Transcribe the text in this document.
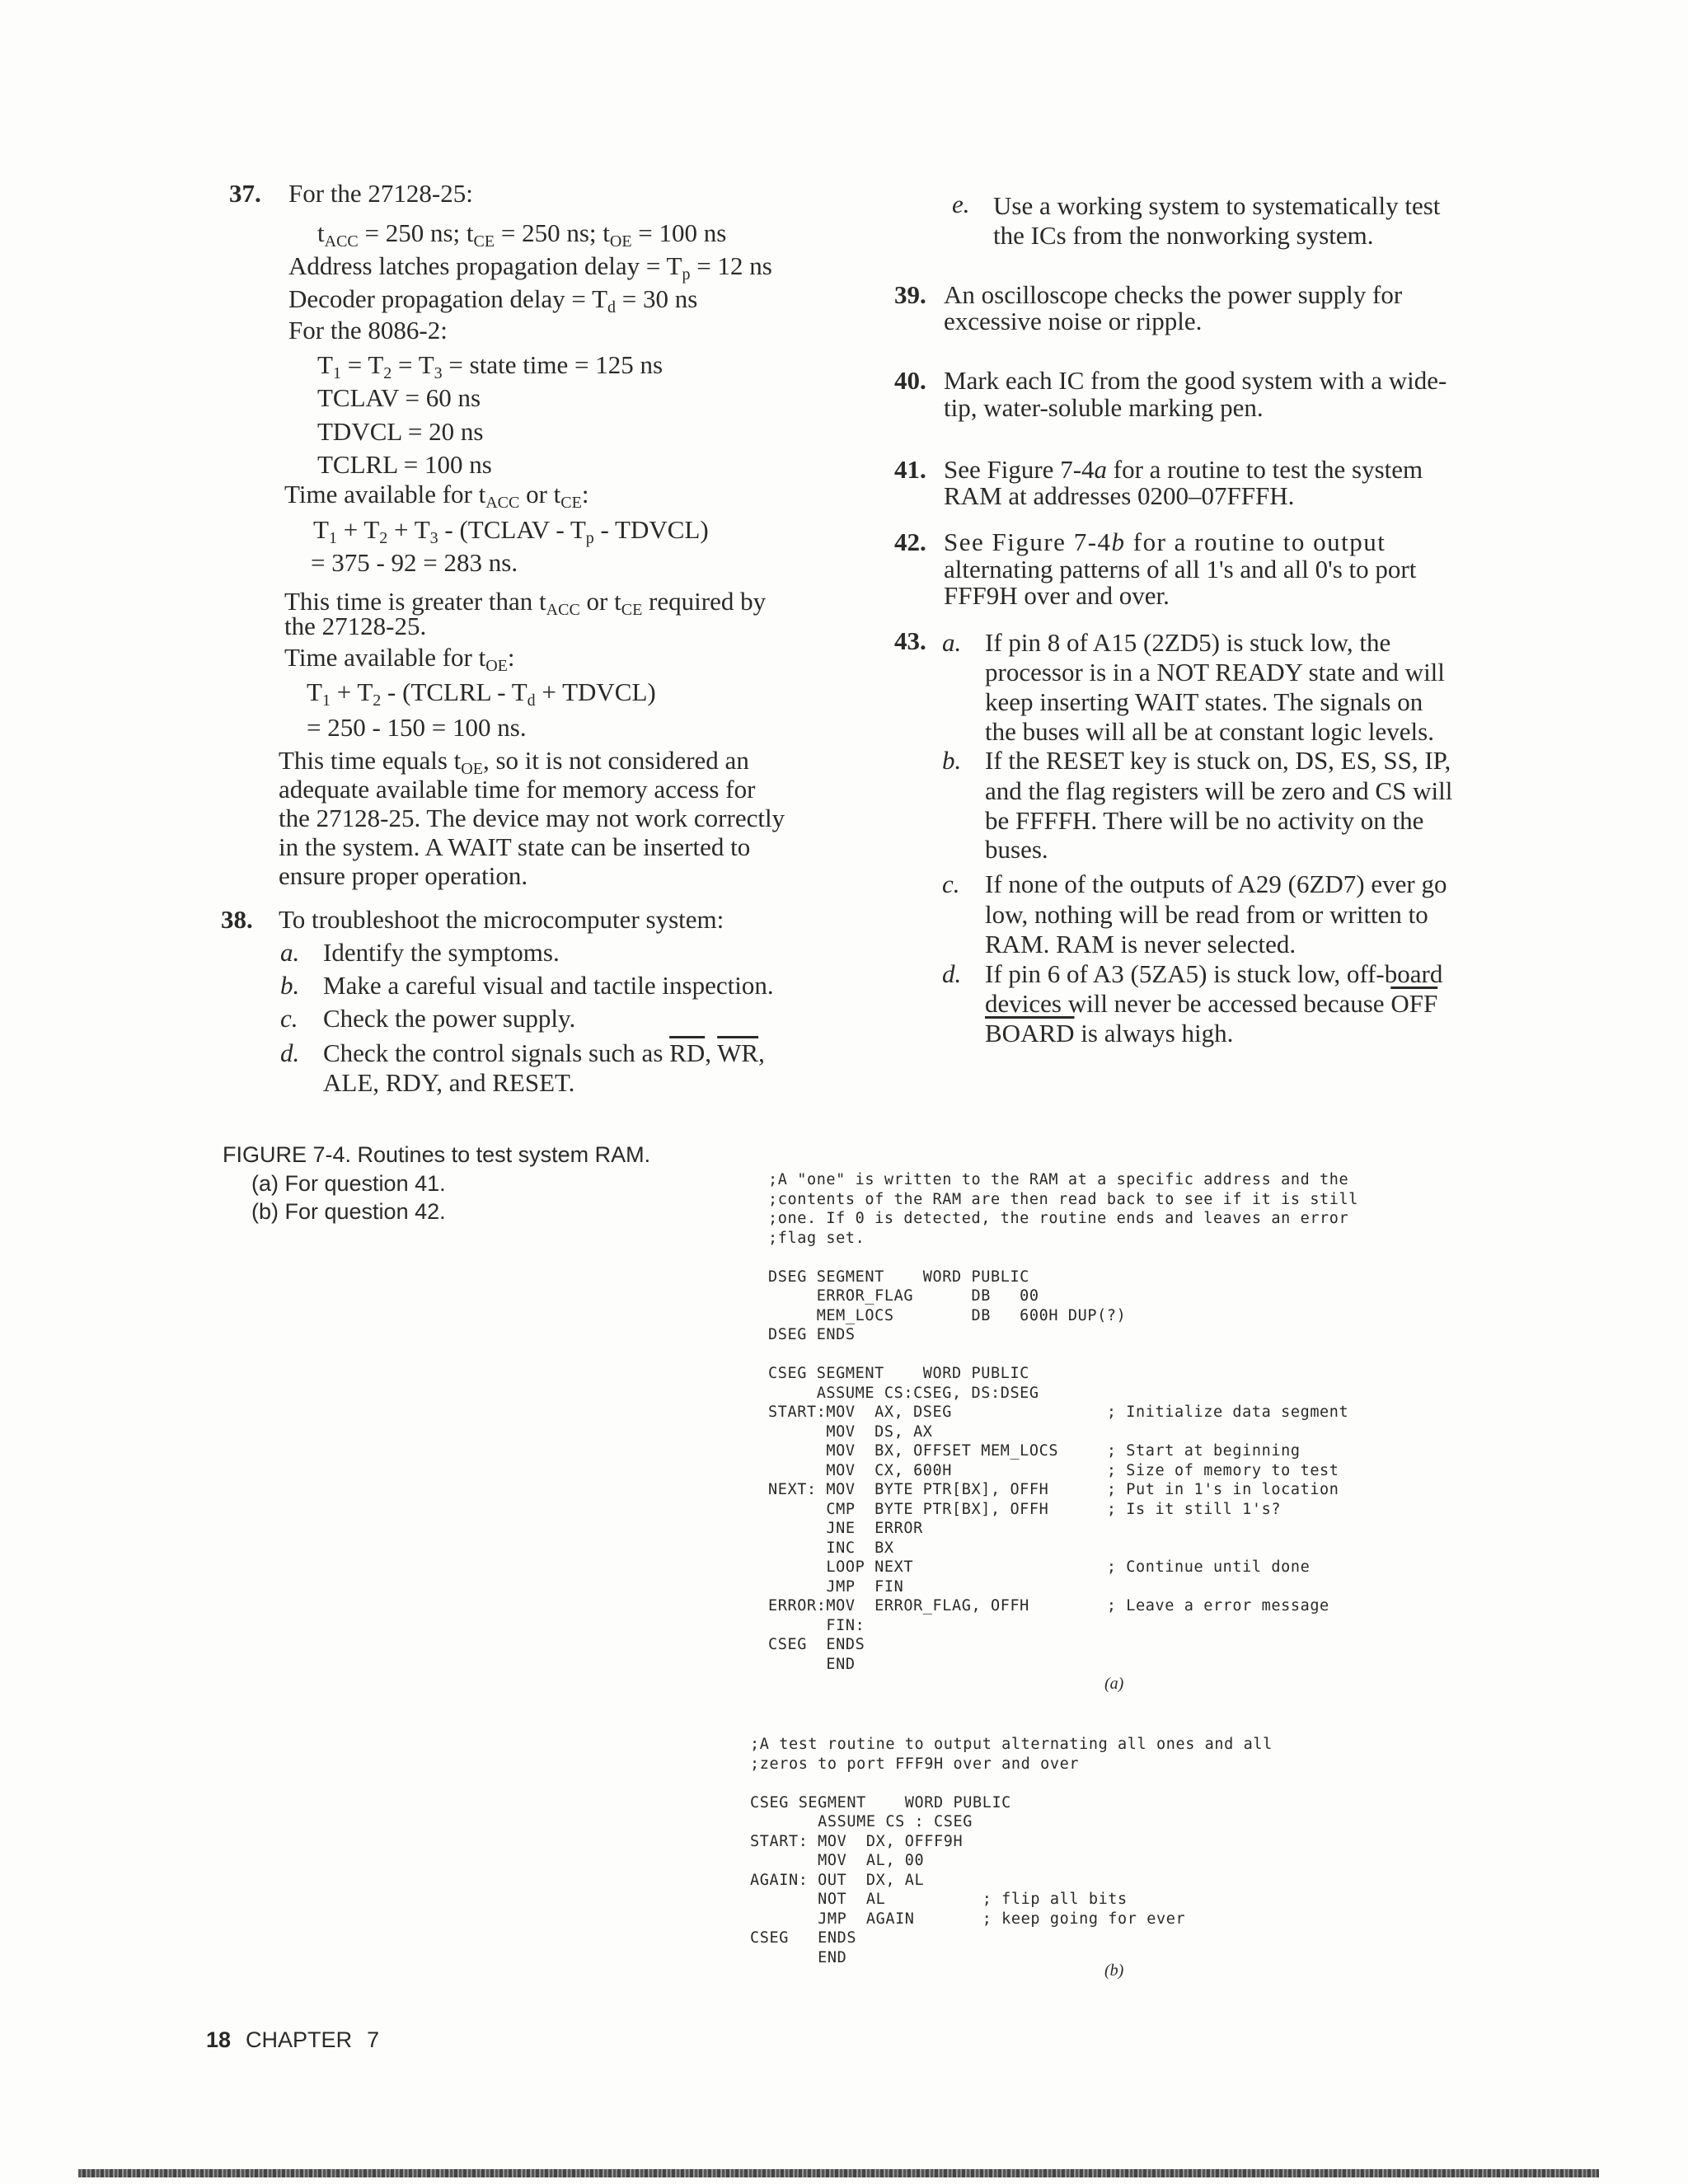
37. For the 27128-25:
$t_{ACC} = 250$ ns; $t_{CE} = 250$ ns; $t_{OE} = 100$ ns
Address latches propagation delay = $T_p = 12$ ns
Decoder propagation delay = $T_d = 30$ ns
For the 8086-2:
$T_1 = T_2 = T_3$ = state time = 125 ns
TCLAV = 60 ns
TDVCL = 20 ns
TCLRL = 100 ns
Time available for $t_{ACC}$ or $t_{CE}$:
$T_1 + T_2 + T_3$ - (TCLAV - $T_p$ - TDVCL)
= 375 - 92 = 283 ns.
This time is greater than $t_{ACC}$ or $t_{CE}$ required by
the 27128-25.
Time available for $t_{OE}$:
$T_1 + T_2$ - (TCLRL - $T_d$ + TDVCL)
= 250 - 150 = 100 ns.
This time equals $t_{OE}$, so it is not considered an
adequate available time for memory access for
the 27128-25. The device may not work correctly
in the system. A WAIT state can be inserted to
ensure proper operation.
38. To troubleshoot the microcomputer system:
a. Identify the symptoms.
b. Make a careful visual and tactile inspection.
c. Check the power supply.
d. Check the control signals such as $\overline{RD}$, $\overline{WR}$,
ALE, RDY, and RESET.
e. Use a working system to systematically test
the ICs from the nonworking system.
39. An oscilloscope checks the power supply for
excessive noise or ripple.
40. Mark each IC from the good system with a wide-
tip, water-soluble marking pen.
41. See Figure 7-4a for a routine to test the system
RAM at addresses 0200–07FFFH.
42. See Figure 7-4b for a routine to output
alternating patterns of all 1's and all 0's to port
FFF9H over and over.
43. a. If pin 8 of A15 (2ZD5) is stuck low, the
processor is in a NOT READY state and will
keep inserting WAIT states. The signals on
the buses will all be at constant logic levels.
b. If the RESET key is stuck on, DS, ES, SS, IP,
and the flag registers will be zero and CS will
be FFFFH. There will be no activity on the
buses.
c. If none of the outputs of A29 (6ZD7) ever go
low, nothing will be read from or written to
RAM. RAM is never selected.
d. If pin 6 of A3 (5ZA5) is stuck low, off-board
devices will never be accessed because $\overline{OFF}$
BOARD is always high.
FIGURE 7-4. Routines to test system RAM.
(a) For question 41.
(b) For question 42.
;A "one" is written to the RAM at a specific address and the
;contents of the RAM are then read back to see if it is still
;one. If 0 is detected, the routine ends and leaves an error
;flag set.

DSEG SEGMENT    WORD PUBLIC
ERROR_FLAG      DB   00
MEM_LOCS        DB   600H DUP(?)
DSEG ENDS

CSEG SEGMENT    WORD PUBLIC
ASSUME CS:CSEG, DS:DSEG
START:MOV  AX, DSEG                ; Initialize data segment
MOV  DS, AX
MOV  BX, OFFSET MEM_LOCS     ; Start at beginning
MOV  CX, 600H                ; Size of memory to test
NEXT: MOV  BYTE PTR[BX], OFFH      ; Put in 1's in location
CMP  BYTE PTR[BX], OFFH      ; Is it still 1's?
JNE  ERROR
INC  BX
LOOP NEXT                    ; Continue until done
JMP  FIN
ERROR:MOV  ERROR_FLAG, OFFH        ; Leave a error message
FIN:
CSEG  ENDS
END
(a)
;A test routine to output alternating all ones and all
;zeros to port FFF9H over and over

CSEG SEGMENT    WORD PUBLIC
ASSUME CS : CSEG
START: MOV  DX, OFFF9H
MOV  AL, 00
AGAIN: OUT  DX, AL
NOT  AL          ; flip all bits
JMP  AGAIN       ; keep going for ever
CSEG   ENDS
END
(b)
18 CHAPTER 7
